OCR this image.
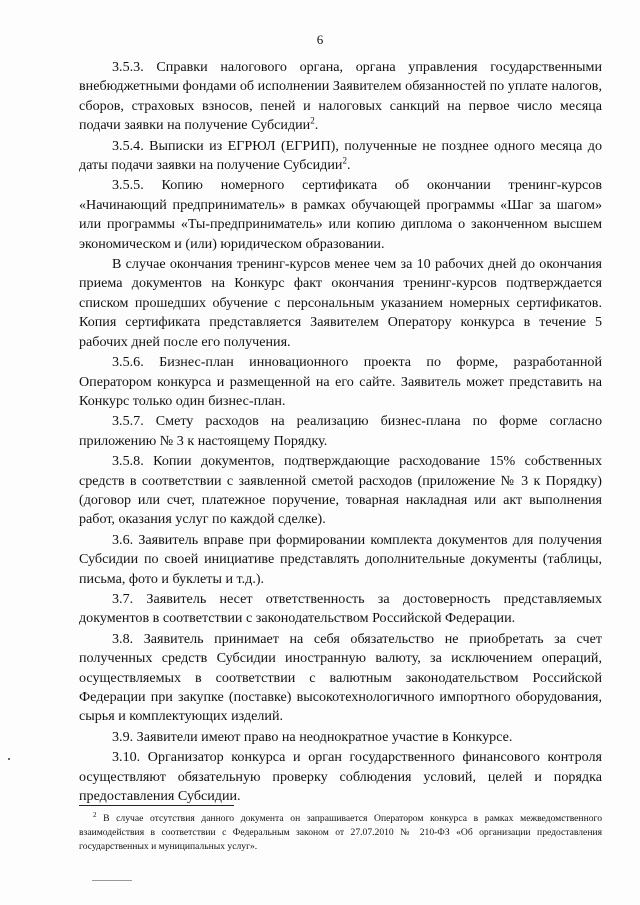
6

3.5.3. Справки налогового органа, органа управления государственными внебюджетными фондами об исполнении Заявителем обязанностей по уплате налогов, сборов, страховых взносов, пеней и налоговых санкций на первое число месяца подачи заявки на получение Субсидии$^2$.

3.5.4. Выписки из ЕГРЮЛ (ЕГРИП), полученные не позднее одного месяца до даты подачи заявки на получение Субсидии$^2$.

3.5.5. Копию номерного сертификата об окончании тренинг-курсов «Начинающий предприниматель» в рамках обучающей программы «Шаг за шагом» или программы «Ты-предприниматель» или копию диплома о законченном высшем экономическом и (или) юридическом образовании.

В случае окончания тренинг-курсов менее чем за 10 рабочих дней до окончания приема документов на Конкурс факт окончания тренинг-курсов подтверждается списком прошедших обучение с персональным указанием номерных сертификатов. Копия сертификата представляется Заявителем Оператору конкурса в течение 5 рабочих дней после его получения.

3.5.6. Бизнес-план инновационного проекта по форме, разработанной Оператором конкурса и размещенной на его сайте. Заявитель может представить на Конкурс только один бизнес-план.

3.5.7. Смету расходов на реализацию бизнес-плана по форме согласно приложению № 3 к настоящему Порядку.

3.5.8. Копии документов, подтверждающие расходование 15% собственных средств в соответствии с заявленной сметой расходов (приложение № 3 к Порядку) (договор или счет, платежное поручение, товарная накладная или акт выполнения работ, оказания услуг по каждой сделке).

3.6. Заявитель вправе при формировании комплекта документов для получения Субсидии по своей инициативе представлять дополнительные документы (таблицы, письма, фото и буклеты и т.д.).

3.7. Заявитель несет ответственность за достоверность представляемых документов в соответствии с законодательством Российской Федерации.

3.8. Заявитель принимает на себя обязательство не приобретать за счет полученных средств Субсидии иностранную валюту, за исключением операций, осуществляемых в соответствии с валютным законодательством Российской Федерации при закупке (поставке) высокотехнологичного импортного оборудования, сырья и комплектующих изделий.

3.9. Заявители имеют право на неоднократное участие в Конкурсе.

3.10. Организатор конкурса и орган государственного финансового контроля осуществляют обязательную проверку соблюдения условий, целей и порядка предоставления Субсидии.

$^2$ В случае отсутствия данного документа он запрашивается Оператором конкурса в рамках межведомственного взаимодействия в соответствии с Федеральным законом от 27.07.2010 № 210-ФЗ «Об организации предоставления государственных и муниципальных услуг».
